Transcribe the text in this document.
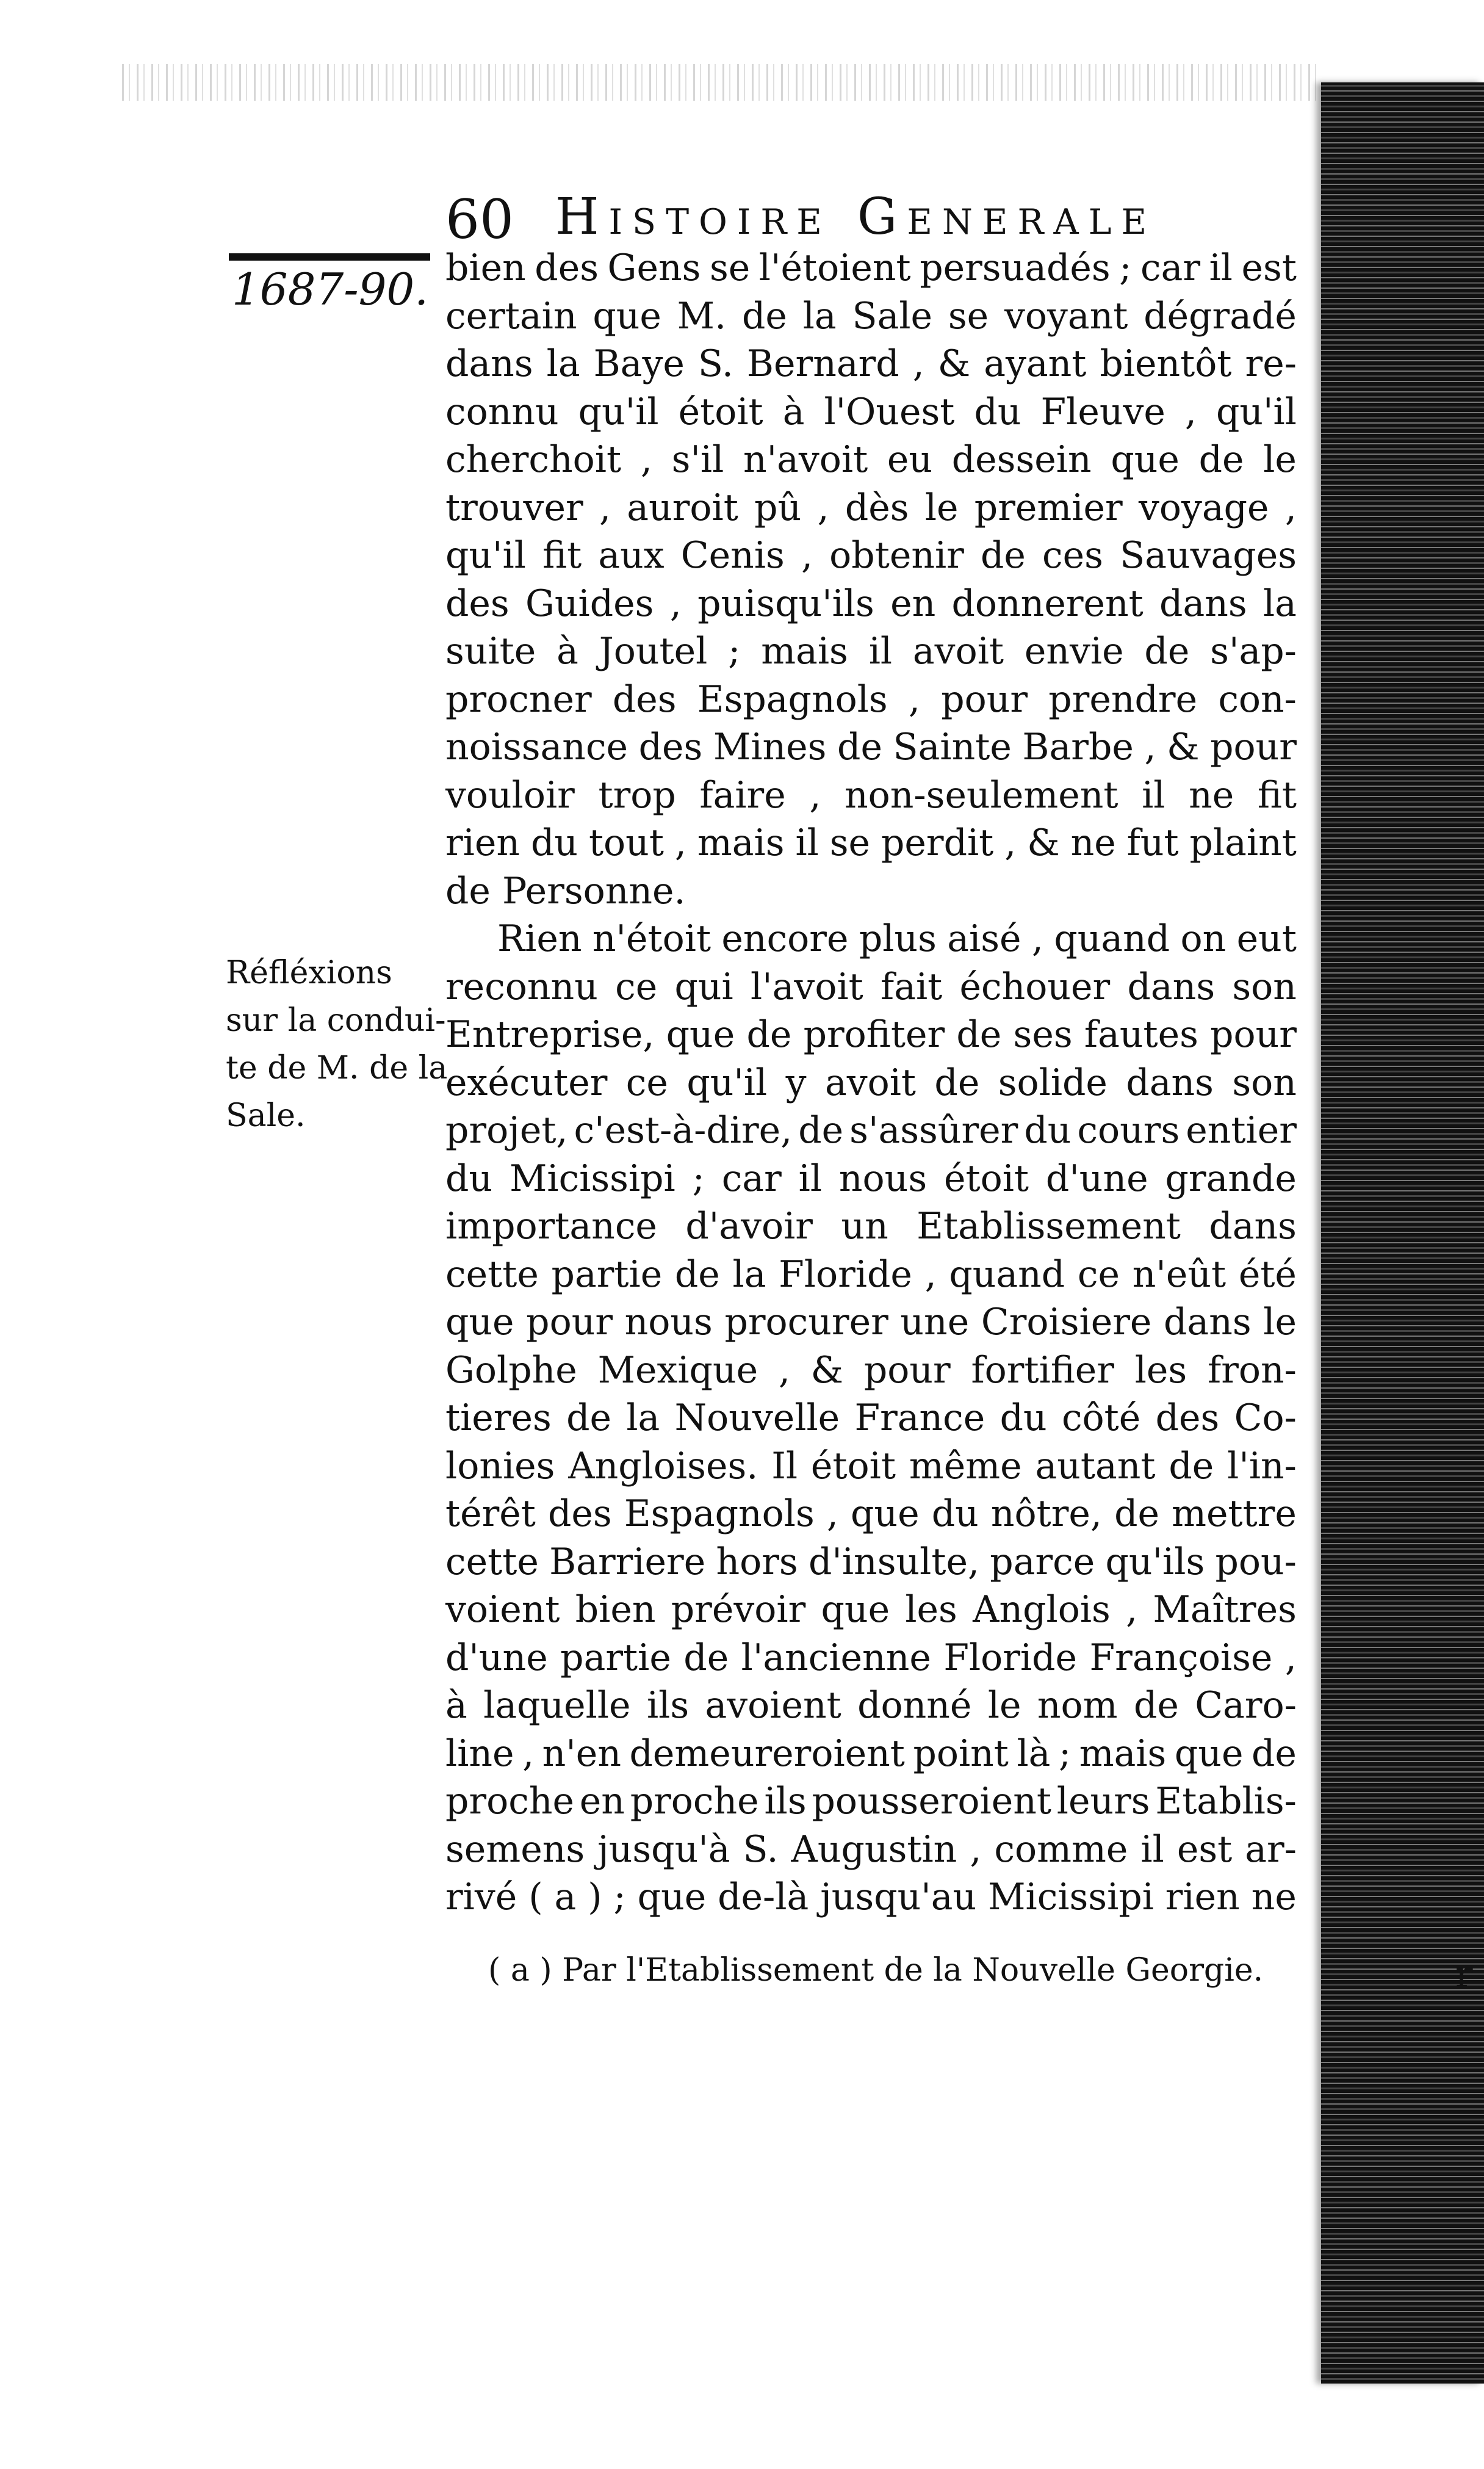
60 Histoire Generale
1687-90.
Réfléxions
sur la condui-
te de M. de la
Sale.
bien des Gens se l'étoient persuadés ; car il est
certain que M. de la Sale se voyant dégradé
dans la Baye S. Bernard , & ayant bientôt re-
connu qu'il étoit à l'Ouest du Fleuve , qu'il
cherchoit , s'il n'avoit eu dessein que de le
trouver , auroit pû , dès le premier voyage ,
qu'il fit aux Cenis , obtenir de ces Sauvages
des Guides , puisqu'ils en donnerent dans la
suite à Joutel ; mais il avoit envie de s'ap-
procner des Espagnols , pour prendre con-
noissance des Mines de Sainte Barbe , & pour
vouloir trop faire , non-seulement il ne fit
rien du tout , mais il se perdit , & ne fut plaint
de Personne.
Rien n'étoit encore plus aisé , quand on eut
reconnu ce qui l'avoit fait échouer dans son
Entreprise, que de profiter de ses fautes pour
exécuter ce qu'il y avoit de solide dans son
projet, c'est-à-dire, de s'assûrer du cours entier
du Micissipi ; car il nous étoit d'une grande
importance d'avoir un Etablissement dans
cette partie de la Floride , quand ce n'eût été
que pour nous procurer une Croisiere dans le
Golphe Mexique , & pour fortifier les fron-
tieres de la Nouvelle France du côté des Co-
lonies Angloises. Il étoit même autant de l'in-
térêt des Espagnols , que du nôtre, de mettre
cette Barriere hors d'insulte, parce qu'ils pou-
voient bien prévoir que les Anglois , Maîtres
d'une partie de l'ancienne Floride Françoise ,
à laquelle ils avoient donné le nom de Caro-
line , n'en demeureroient point là ; mais que de
proche en proche ils pousseroient leurs Etablis-
semens jusqu'à S. Augustin , comme il est ar-
rivé ( a ) ; que de-là jusqu'au Micissipi rien ne
( a ) Par l'Etablissement de la Nouvelle Georgie.	r
